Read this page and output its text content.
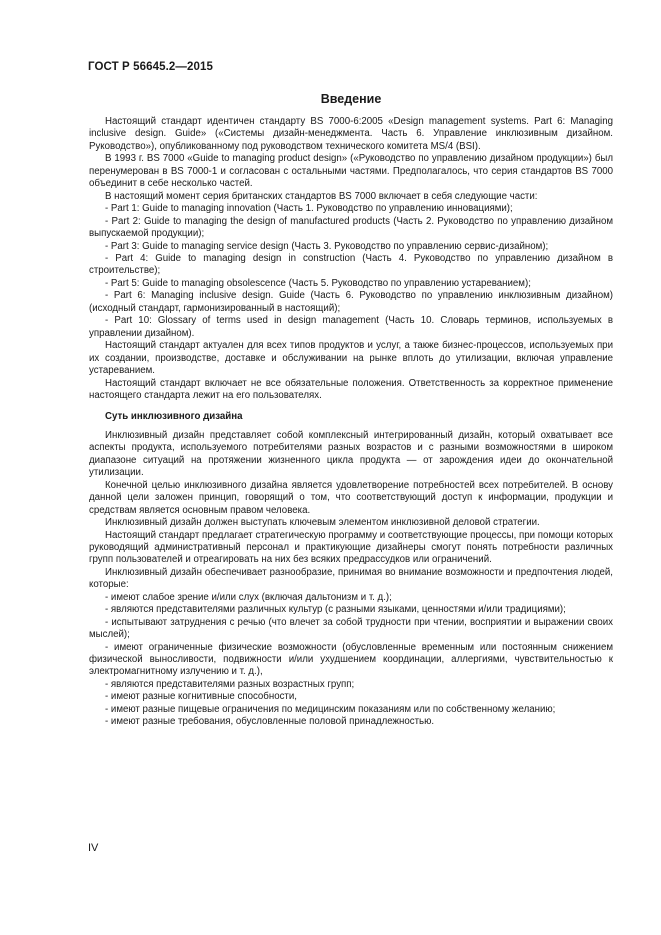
ГОСТ Р 56645.2—2015
Введение

Настоящий стандарт идентичен стандарту BS 7000-6:2005 «Design management systems. Part 6: Managing inclusive design. Guide» («Системы дизайн-менеджмента. Часть 6. Управление инклюзивным дизайном. Руководство»), опубликованному под руководством технического комитета MS/4 (BSI).

В 1993 г. BS 7000 «Guide to managing product design» («Руководство по управлению дизайном продукции») был перенумерован в BS 7000-1 и согласован с остальными частями. Предполагалось, что серия стандартов BS 7000 объединит в себе несколько частей.

В настоящий момент серия британских стандартов BS 7000 включает в себя следующие части:

- Part 1: Guide to managing innovation (Часть 1. Руководство по управлению инновациями);

- Part 2: Guide to managing the design of manufactured products (Часть 2. Руководство по управлению дизайном выпускаемой продукции);

- Part 3: Guide to managing service design (Часть 3. Руководство по управлению сервис-дизайном);

- Part 4: Guide to managing design in construction (Часть 4. Руководство по управлению дизайном в строительстве);

- Part 5: Guide to managing obsolescence (Часть 5. Руководство по управлению устареванием);

- Part 6: Managing inclusive design. Guide (Часть 6. Руководство по управлению инклюзивным дизайном) (исходный стандарт, гармонизированный в настоящий);

- Part 10: Glossary of terms used in design management (Часть 10. Словарь терминов, используемых в управлении дизайном).

Настоящий стандарт актуален для всех типов продуктов и услуг, а также бизнес-процессов, используемых при их создании, производстве, доставке и обслуживании на рынке вплоть до утилизации, включая управление устареванием.

Настоящий стандарт включает не все обязательные положения. Ответственность за корректное применение настоящего стандарта лежит на его пользователях.

Суть инклюзивного дизайна

Инклюзивный дизайн представляет собой комплексный интегрированный дизайн, который охватывает все аспекты продукта, используемого потребителями разных возрастов и с разными возможностями в широком диапазоне ситуаций на протяжении жизненного цикла продукта — от зарождения идеи до окончательной утилизации.

Конечной целью инклюзивного дизайна является удовлетворение потребностей всех потребителей. В основу данной цели заложен принцип, говорящий о том, что соответствующий доступ к информации, продукции и средствам является основным правом человека.

Инклюзивный дизайн должен выступать ключевым элементом инклюзивной деловой стратегии.

Настоящий стандарт предлагает стратегическую программу и соответствующие процессы, при помощи которых руководящий административный персонал и практикующие дизайнеры смогут понять потребности различных групп пользователей и отреагировать на них без всяких предрассудков или ограничений.

Инклюзивный дизайн обеспечивает разнообразие, принимая во внимание возможности и предпочтения людей, которые:

- имеют слабое зрение и/или слух (включая дальтонизм и т. д.);

- являются представителями различных культур (с разными языками, ценностями и/или традициями);

- испытывают затруднения с речью (что влечет за собой трудности при чтении, восприятии и выражении своих мыслей);

- имеют ограниченные физические возможности (обусловленные временным или постоянным снижением физической выносливости, подвижности и/или ухудшением координации, аллергиями, чувствительностью к электромагнитному излучению и т. д.),

- являются представителями разных возрастных групп;

- имеют разные когнитивные способности,

- имеют разные пищевые ограничения по медицинским показаниям или по собственному желанию;

- имеют разные требования, обусловленные половой принадлежностью.

IV
